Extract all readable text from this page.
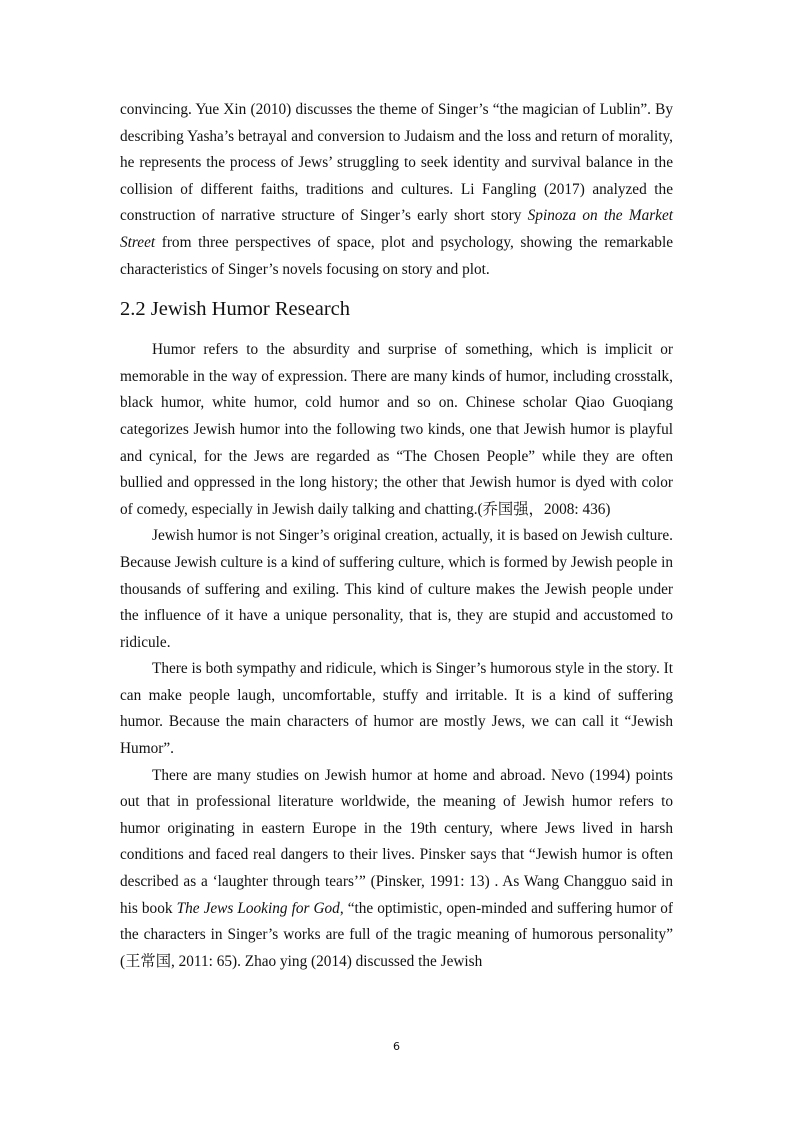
convincing. Yue Xin (2010) discusses the theme of Singer’s “the magician of Lublin”. By describing Yasha’s betrayal and conversion to Judaism and the loss and return of morality, he represents the process of Jews’ struggling to seek identity and survival balance in the collision of different faiths, traditions and cultures. Li Fangling (2017) analyzed the construction of narrative structure of Singer’s early short story Spinoza on the Market Street from three perspectives of space, plot and psychology, showing the remarkable characteristics of Singer’s novels focusing on story and plot.

2.2 Jewish Humor Research

Humor refers to the absurdity and surprise of something, which is implicit or memorable in the way of expression. There are many kinds of humor, including crosstalk, black humor, white humor, cold humor and so on. Chinese scholar Qiao Guoqiang categorizes Jewish humor into the following two kinds, one that Jewish humor is playful and cynical, for the Jews are regarded as “The Chosen People” while they are often bullied and oppressed in the long history; the other that Jewish humor is dyed with color of comedy, especially in Jewish daily talking and chatting.(乔国强，2008: 436)

Jewish humor is not Singer’s original creation, actually, it is based on Jewish culture. Because Jewish culture is a kind of suffering culture, which is formed by Jewish people in thousands of suffering and exiling. This kind of culture makes the Jewish people under the influence of it have a unique personality, that is, they are stupid and accustomed to ridicule.

There is both sympathy and ridicule, which is Singer’s humorous style in the story. It can make people laugh, uncomfortable, stuffy and irritable. It is a kind of suffering humor. Because the main characters of humor are mostly Jews, we can call it “Jewish Humor”.

There are many studies on Jewish humor at home and abroad. Nevo (1994) points out that in professional literature worldwide, the meaning of Jewish humor refers to humor originating in eastern Europe in the 19th century, where Jews lived in harsh conditions and faced real dangers to their lives. Pinsker says that “Jewish humor is often described as a ‘laughter through tears’” (Pinsker, 1991: 13) . As Wang Changguo said in his book The Jews Looking for God, “the optimistic, open-minded and suffering humor of the characters in Singer’s works are full of the tragic meaning of humorous personality” (王常国, 2011: 65). Zhao ying (2014) discussed the Jewish

6
